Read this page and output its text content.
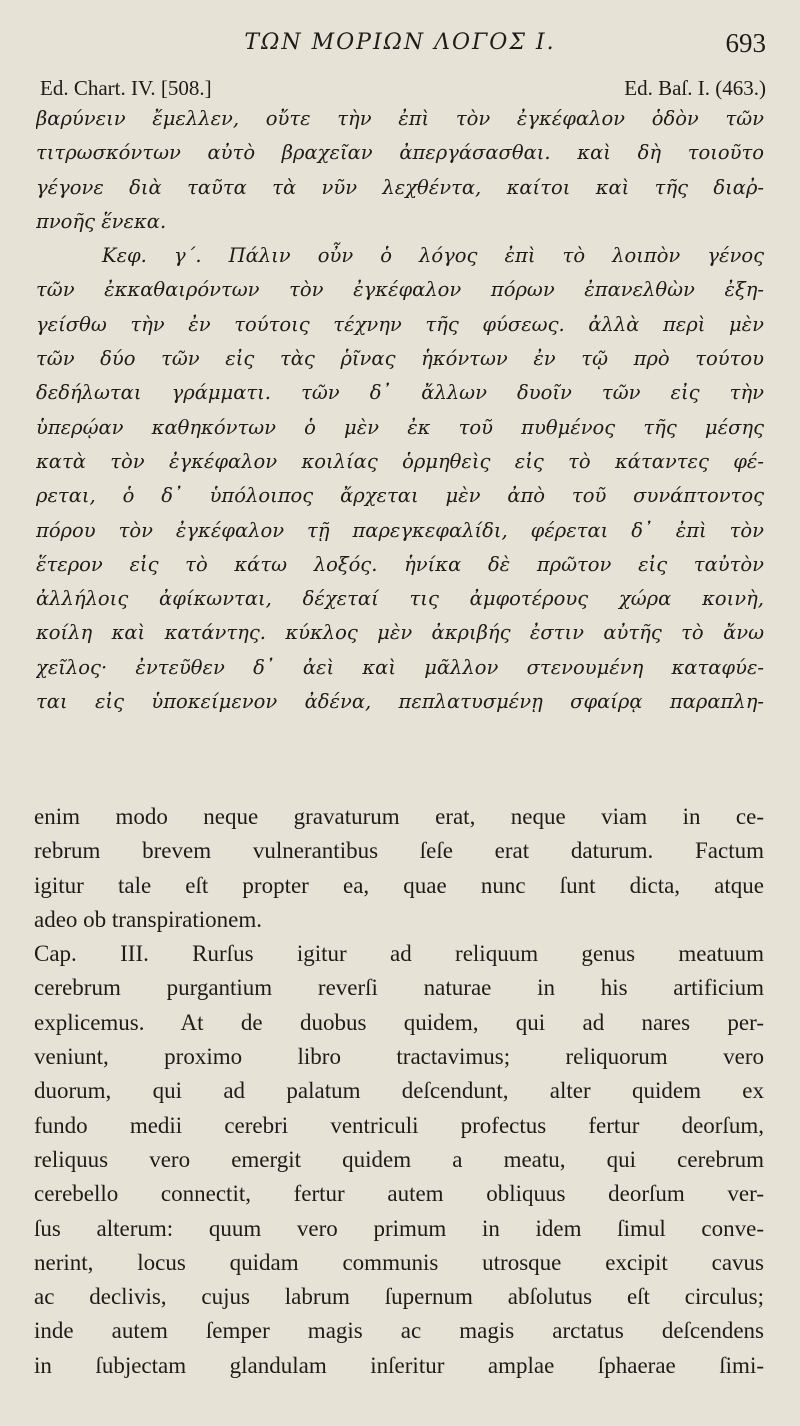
ΤΩΝ ΜΟΡΙΩΝ ΛΟΓΟΣ Ι.	693
Ed. Chart. IV. [508.]	Ed. Baſ. I. (463.)
βαρύνειν ἔμελλεν, οὔτε τὴν ἐπὶ τὸν ἐγκέφαλον ὁδὸν τῶν
τιτρωσκόντων αὐτὸ βραχεῖαν ἀπεργάσασθαι. καὶ δὴ τοιοῦτο
γέγονε διὰ ταῦτα τὰ νῦν λεχθέντα, καίτοι καὶ τῆς διαῤ-
πνοῆς ἕνεκα.
Κεφ. γ΄. Πάλιν οὖν ὁ λόγος ἐπὶ τὸ λοιπὸν γένος
τῶν ἐκκαθαιρόντων τὸν ἐγκέφαλον πόρων ἐπανελθὼν ἐξη-
γείσθω τὴν ἐν τούτοις τέχνην τῆς φύσεως. ἀλλὰ περὶ μὲν
τῶν δύο τῶν εἰς τὰς ῥῖνας ἡκόντων ἐν τῷ πρὸ τούτου
δεδήλωται γράμματι. τῶν δ᾽ ἄλλων δυοῖν τῶν εἰς τὴν
ὑπερῴαν καθηκόντων ὁ μὲν ἐκ τοῦ πυθμένος τῆς μέσης
κατὰ τὸν ἐγκέφαλον κοιλίας ὁρμηθεὶς εἰς τὸ κάταντες φέ-
ρεται, ὁ δ᾽ ὑπόλοιπος ἄρχεται μὲν ἀπὸ τοῦ συνάπτοντος
πόρου τὸν ἐγκέφαλον τῇ παρεγκεφαλίδι, φέρεται δ᾽ ἐπὶ τὸν
ἕτερον εἰς τὸ κάτω λοξός. ἡνίκα δὲ πρῶτον εἰς ταὐτὸν
ἀλλήλοις ἀφίκωνται, δέχεταί τις ἀμφοτέρους χώρα κοινὴ,
κοίλη καὶ κατάντης. κύκλος μὲν ἀκριβής ἐστιν αὐτῆς τὸ ἄνω
χεῖλος· ἐντεῦθεν δ᾽ ἀεὶ καὶ μᾶλλον στενουμένη καταφύε-
ται εἰς ὑποκείμενον ἀδένα, πεπλατυσμένῃ σφαίρᾳ παραπλη-
enim modo neque gravaturum erat, neque viam in ce-
rebrum brevem vulnerantibus ſeſe erat daturum. Factum
igitur tale eſt propter ea, quae nunc ſunt dicta, atque
adeo ob transpirationem.
Cap. III. Rurſus igitur ad reliquum genus meatuum
cerebrum purgantium reverſi naturae in his artificium
explicemus. At de duobus quidem, qui ad nares per-
veniunt, proximo libro tractavimus; reliquorum vero
duorum, qui ad palatum deſcendunt, alter quidem ex
fundo medii cerebri ventriculi profectus fertur deorſum,
reliquus vero emergit quidem a meatu, qui cerebrum
cerebello connectit, fertur autem obliquus deorſum ver-
ſus alterum: quum vero primum in idem ſimul conve-
nerint, locus quidam communis utrosque excipit cavus
ac declivis, cujus labrum ſupernum abſolutus eſt circulus;
inde autem ſemper magis ac magis arctatus deſcendens
in ſubjectam glandulam inſeritur amplae ſphaerae ſimi-
